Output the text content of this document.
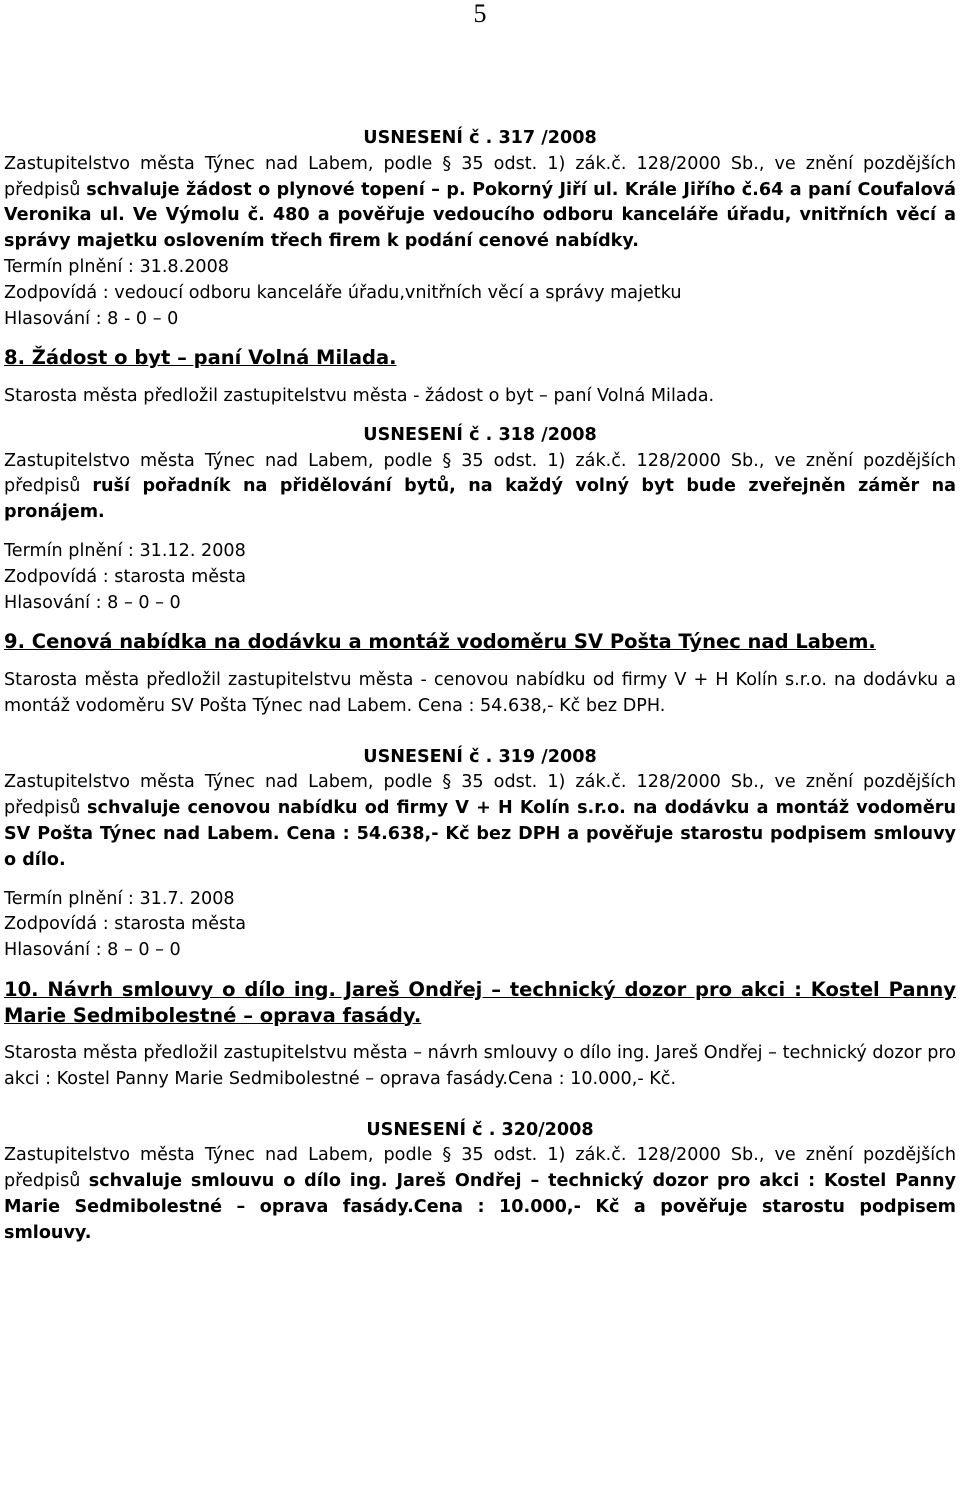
5

USNESENÍ č . 317 /2008

Zastupitelstvo města Týnec nad Labem, podle § 35 odst. 1) zák.č. 128/2000 Sb., ve znění pozdějších předpisů schvaluje žádost o plynové topení – p. Pokorný Jiří ul. Krále Jiřího č.64 a paní Coufalová Veronika ul. Ve Výmolu č. 480 a pověřuje vedoucího odboru kanceláře úřadu, vnitřních věcí a správy majetku oslovením třech firem k podání cenové nabídky.

Termín plnění : 31.8.2008

Zodpovídá : vedoucí odboru kanceláře úřadu,vnitřních věcí a správy majetku

Hlasování : 8 - 0 – 0

8. Žádost o byt – paní Volná Milada.

Starosta města předložil zastupitelstvu města - žádost o byt – paní Volná Milada.

USNESENÍ č . 318 /2008

Zastupitelstvo města Týnec nad Labem, podle § 35 odst. 1) zák.č. 128/2000 Sb., ve znění pozdějších předpisů ruší pořadník na přidělování bytů, na každý volný byt bude zveřejněn záměr na pronájem.

Termín plnění : 31.12. 2008

Zodpovídá : starosta města

Hlasování : 8 – 0 – 0

9. Cenová nabídka na dodávku a montáž vodoměru SV Pošta Týnec nad Labem.

Starosta města předložil zastupitelstvu města - cenovou nabídku od firmy V + H Kolín s.r.o. na dodávku a montáž vodoměru SV Pošta Týnec nad Labem. Cena : 54.638,- Kč bez DPH.

USNESENÍ č . 319 /2008

Zastupitelstvo města Týnec nad Labem, podle § 35 odst. 1) zák.č. 128/2000 Sb., ve znění pozdějších předpisů schvaluje cenovou nabídku od firmy V + H Kolín s.r.o. na dodávku a montáž vodoměru SV Pošta Týnec nad Labem. Cena : 54.638,- Kč bez DPH a pověřuje starostu podpisem smlouvy o dílo.

Termín plnění : 31.7. 2008

Zodpovídá : starosta města

Hlasování : 8 – 0 – 0

10. Návrh smlouvy o dílo ing. Jareš Ondřej – technický dozor pro akci : Kostel Panny Marie Sedmibolestné – oprava fasády.

Starosta města předložil zastupitelstvu města – návrh smlouvy o dílo ing. Jareš Ondřej – technický dozor pro akci : Kostel Panny Marie Sedmibolestné – oprava fasády.Cena : 10.000,- Kč.

USNESENÍ č . 320/2008

Zastupitelstvo města Týnec nad Labem, podle § 35 odst. 1) zák.č. 128/2000 Sb., ve znění pozdějších předpisů schvaluje smlouvu o dílo ing. Jareš Ondřej – technický dozor pro akci : Kostel Panny Marie Sedmibolestné – oprava fasády.Cena : 10.000,- Kč a pověřuje starostu podpisem smlouvy.
